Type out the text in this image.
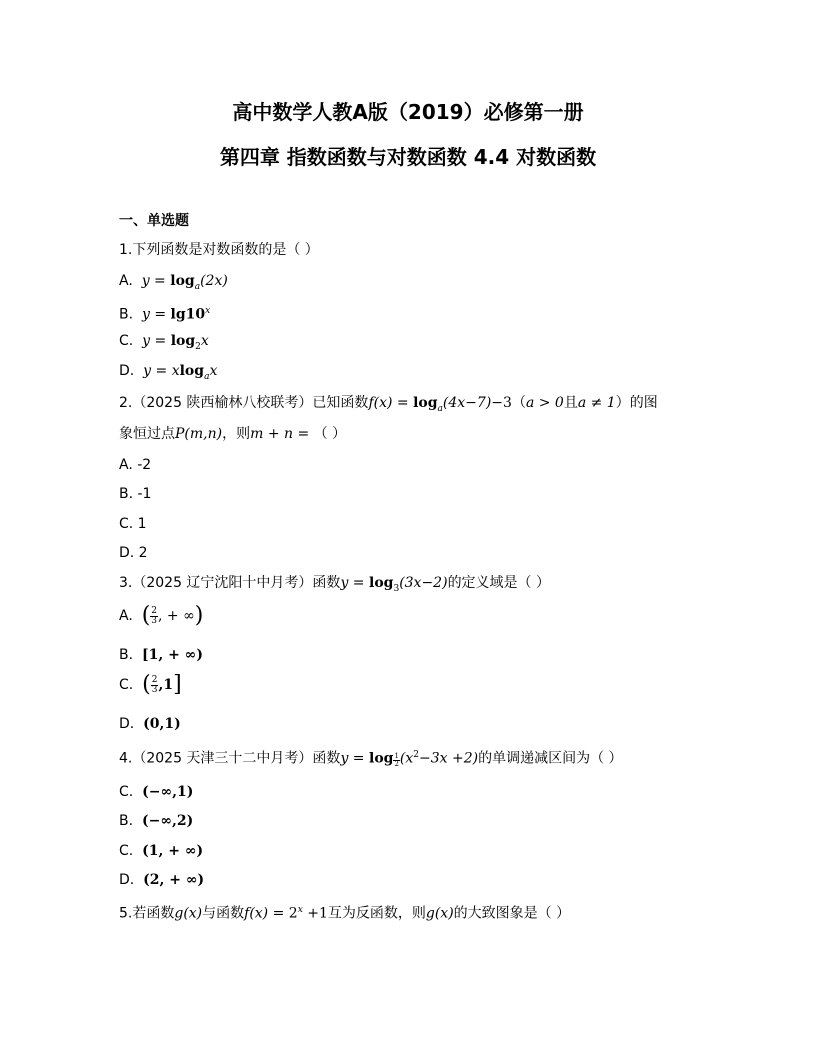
高中数学人教A版（2019）必修第一册
第四章 指数函数与对数函数 4.4 对数函数
一、单选题
1.下列函数是对数函数的是（ ）
A. $y = \log_a(2x)$
B. $y = \lg 10^x$
C. $y = \log_2x$
D. y = xlog$_a$x
2.（2025 陕西榆林八校联考）已知函数$f(x) = \log_a(4x-7)-3(a > 0$且a ≠ 1）的图
象恒过点P(m,n)，则m + n = （ ）
A. -2
B. -1
C. 1
D. 2
3.（2025 辽宁沈阳十中月考）函数$y = \log_3(3x-2)$的定义域是（ ）
A. ( $\frac{2}{3}$ , + ∞)
B. [1, + ∞)
C. ( $\frac{2}{3} ,1$]
D. (0,1)
4.（2025 天津三十二中月考）函数$y = \log \frac{1}{2} (x^2-3x +2)$的单调递减区间为（ ）
C. (−∞,1)
B. (−∞,2)
C. (1, + ∞)
D. (2, + ∞)
5.若函数g(x)与函数$f(x) = 2^x +1$互为反函数，则g(x)的大致图象是（ ）
